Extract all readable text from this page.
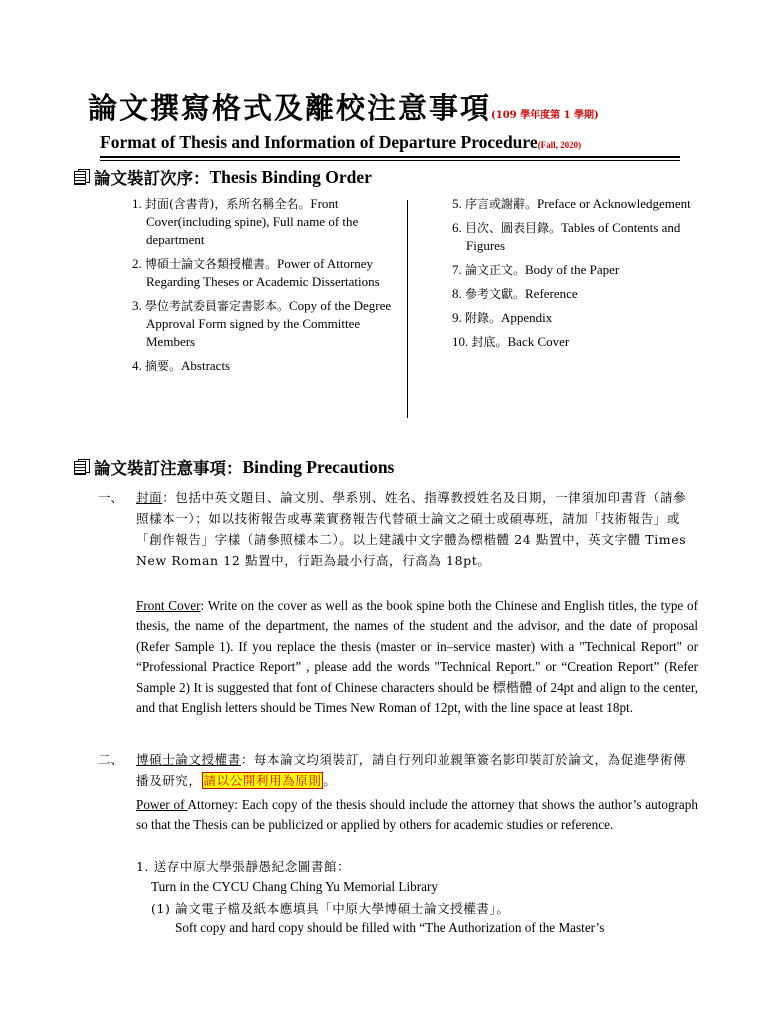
論文撰寫格式及離校注意事項(109 學年度第 1 學期)
Format of Thesis and Information of Departure Procedure(Fall, 2020)
論文裝訂次序： Thesis Binding Order
1. 封面(含書背)，系所名稱全名。Front Cover(including spine), Full name of the department
2. 博碩士論文各類授權書。Power of Attorney Regarding Theses or Academic Dissertations
3. 學位考試委員審定書影本。Copy of the Degree Approval Form signed by the Committee Members
4. 摘要。Abstracts
5. 序言或謝辭。Preface or Acknowledgement
6. 目次、圖表目錄。Tables of Contents and Figures
7. 論文正文。Body of the Paper
8. 參考文獻。Reference
9. 附錄。Appendix
10. 封底。Back Cover
論文裝訂注意事項： Binding Precautions
一、 封面：包括中英文題目、論文別、學系別、姓名、指導教授姓名及日期，一律須加印書背（請參照樣本一）；如以技術報告或專業實務報告代替碩士論文之碩士或碩專班，請加「技術報告」或「創作報告」字樣（請參照樣本二）。以上建議中文字體為標楷體 24 點置中，英文字體 Times New Roman 12 點置中，行距為最小行高，行高為 18pt。
Front Cover: Write on the cover as well as the book spine both the Chinese and English titles, the type of thesis, the name of the department, the names of the student and the advisor, and the date of proposal (Refer Sample 1). If you replace the thesis (master or in–service master) with a "Technical Report" or “Professional Practice Report” , please add the words "Technical Report." or “Creation Report” (Refer Sample 2) It is suggested that font of Chinese characters should be 標楷體 of 24pt and align to the center, and that English letters should be Times New Roman of 12pt, with the line space at least 18pt.
二、 博碩士論文授權書：每本論文均須裝訂，請自行列印並親筆簽名影印裝訂於論文，為促進學術傳播及研究， 請以公開利用為原則 。
Power of Attorney: Each copy of the thesis should include the attorney that shows the author’s autograph so that the Thesis can be publicized or applied by others for academic studies or reference.
1. 送存中原大學張靜愚紀念圖書館：
Turn in the CYCU Chang Ching Yu Memorial Library
(1) 論文電子檔及紙本應填具「中原大學博碩士論文授權書」。
Soft copy and hard copy should be filled with “The Authorization of the Master’s
